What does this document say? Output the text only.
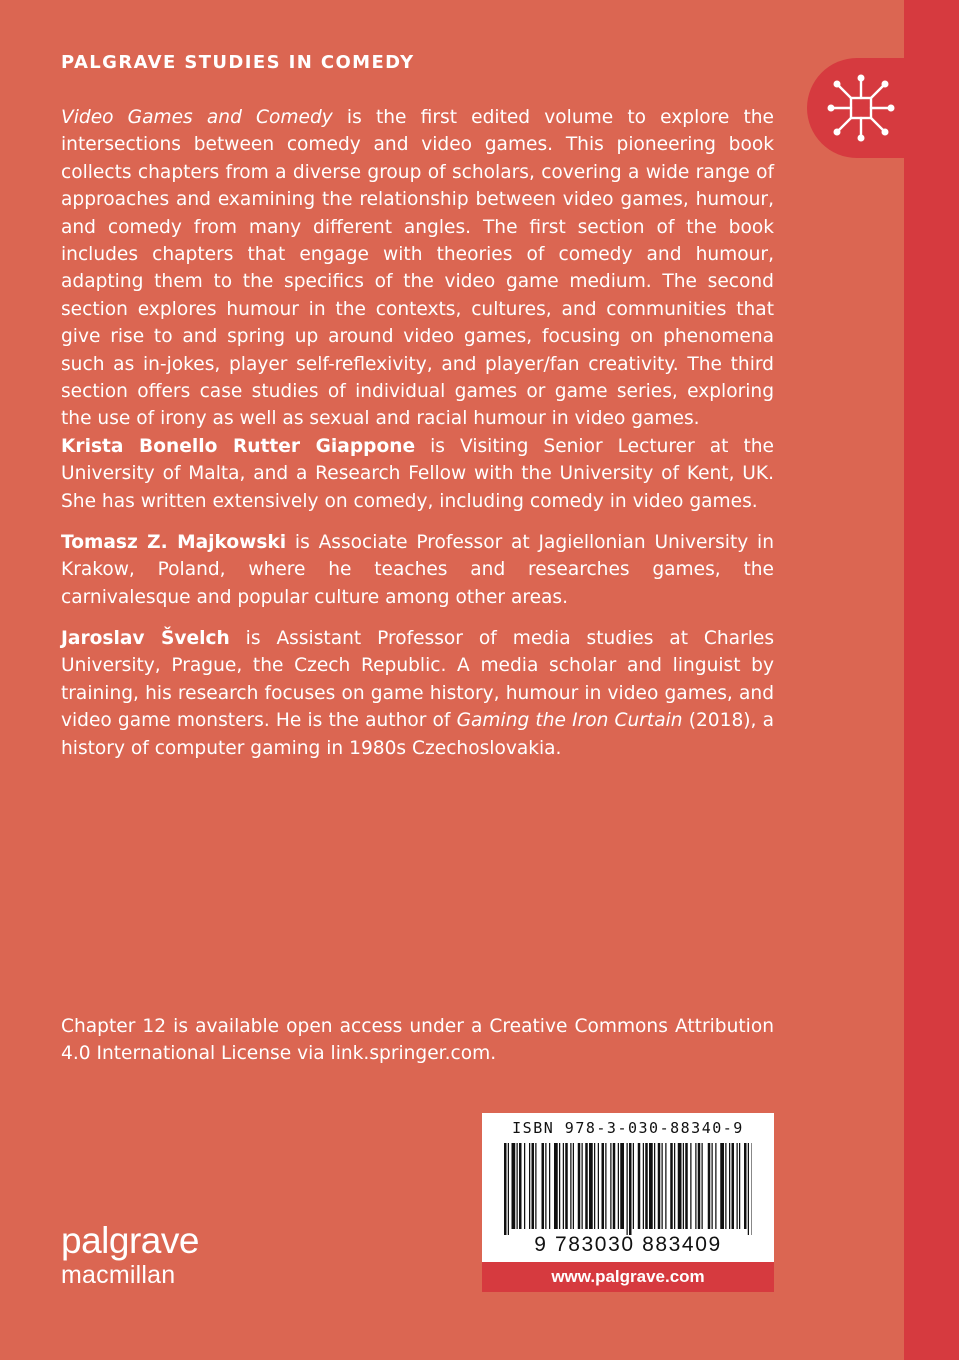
PALGRAVE STUDIES IN COMEDY

Video Games and Comedy is the first edited volume to explore the intersections between comedy and video games. This pioneering book collects chapters from a diverse group of scholars, covering a wide range of approaches and examining the relationship between video games, humour, and comedy from many different angles. The first section of the book includes chapters that engage with theories of comedy and humour, adapting them to the specifics of the video game medium. The second section explores humour in the contexts, cultures, and communities that give rise to and spring up around video games, focusing on phenomena such as in-jokes, player self-reflexivity, and player/fan creativity. The third section offers case studies of individual games or game series, exploring the use of irony as well as sexual and racial humour in video games.

Krista Bonello Rutter Giappone is Visiting Senior Lecturer at the University of Malta, and a Research Fellow with the University of Kent, UK. She has written extensively on comedy, including comedy in video games.

Tomasz Z. Majkowski is Associate Professor at Jagiellonian University in Krakow, Poland, where he teaches and researches games, the carnivalesque and popular culture among other areas.

Jaroslav Švelch is Assistant Professor of media studies at Charles University, Prague, the Czech Republic. A media scholar and linguist by training, his research focuses on game history, humour in video games, and video game monsters. He is the author of Gaming the Iron Curtain (2018), a history of computer gaming in 1980s Czechoslovakia.

Chapter 12 is available open access under a Creative Commons Attribution 4.0 International License via link.springer.com.

ISBN 978-3-030-88340-9
9 783030 883409
www.palgrave.com
palgrave
macmillan
